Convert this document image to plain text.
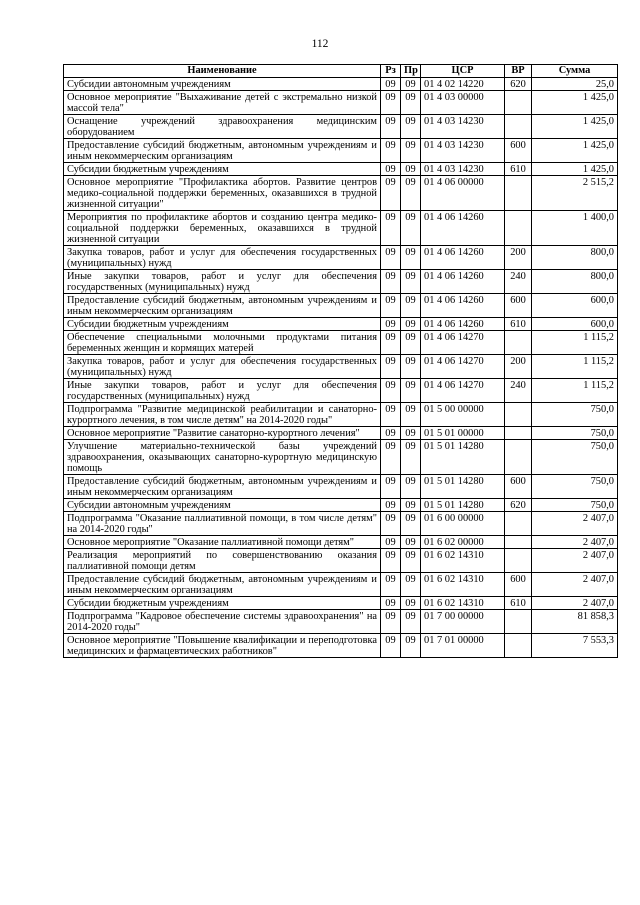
112
Наименование	Рз	Пр	ЦСР	ВР	Сумма
Субсидии автономным учреждениям	09	09	01 4 02 14220	620	25,0
Основное мероприятие "Выхаживание детей с экстремально низкой массой тела"	09	09	01 4 03 00000		1 425,0
Оснащение учреждений здравоохранения медицинским оборудованием	09	09	01 4 03 14230		1 425,0
Предоставление субсидий бюджетным, автономным учреждениям и иным некоммерческим организациям	09	09	01 4 03 14230	600	1 425,0
Субсидии бюджетным учреждениям	09	09	01 4 03 14230	610	1 425,0
Основное мероприятие "Профилактика абортов. Развитие центров медико-социальной поддержки беременных, оказавшихся в трудной жизненной ситуации"	09	09	01 4 06 00000		2 515,2
Мероприятия по профилактике абортов и созданию центра медико-социальной поддержки беременных, оказавшихся в трудной жизненной ситуации	09	09	01 4 06 14260		1 400,0
Закупка товаров, работ и услуг для обеспечения государственных (муниципальных) нужд	09	09	01 4 06 14260	200	800,0
Иные закупки товаров, работ и услуг для обеспечения государственных (муниципальных) нужд	09	09	01 4 06 14260	240	800,0
Предоставление субсидий бюджетным, автономным учреждениям и иным некоммерческим организациям	09	09	01 4 06 14260	600	600,0
Субсидии бюджетным учреждениям	09	09	01 4 06 14260	610	600,0
Обеспечение специальными молочными продуктами питания беременных женщин и кормящих матерей	09	09	01 4 06 14270		1 115,2
Закупка товаров, работ и услуг для обеспечения государственных (муниципальных) нужд	09	09	01 4 06 14270	200	1 115,2
Иные закупки товаров, работ и услуг для обеспечения государственных (муниципальных) нужд	09	09	01 4 06 14270	240	1 115,2
Подпрограмма "Развитие медицинской реабилитации и санаторно-курортного лечения, в том числе детям" на 2014-2020 годы"	09	09	01 5 00 00000		750,0
Основное мероприятие "Развитие санаторно-курортного лечения"	09	09	01 5 01 00000		750,0
Улучшение материально-технической базы учреждений здравоохранения, оказывающих санаторно-курортную медицинскую помощь	09	09	01 5 01 14280		750,0
Предоставление субсидий бюджетным, автономным учреждениям и иным некоммерческим организациям	09	09	01 5 01 14280	600	750,0
Субсидии автономным учреждениям	09	09	01 5 01 14280	620	750,0
Подпрограмма "Оказание паллиативной помощи, в том числе детям" на 2014-2020 годы"	09	09	01 6 00 00000		2 407,0
Основное мероприятие "Оказание паллиативной помощи детям"	09	09	01 6 02 00000		2 407,0
Реализация мероприятий по совершенствованию оказания паллиативной помощи детям	09	09	01 6 02 14310		2 407,0
Предоставление субсидий бюджетным, автономным учреждениям и иным некоммерческим организациям	09	09	01 6 02 14310	600	2 407,0
Субсидии бюджетным учреждениям	09	09	01 6 02 14310	610	2 407,0
Подпрограмма "Кадровое обеспечение системы здравоохранения" на 2014-2020 годы"	09	09	01 7 00 00000		81 858,3
Основное мероприятие "Повышение квалификации и переподготовка медицинских и фармацевтических работников"	09	09	01 7 01 00000		7 553,3
